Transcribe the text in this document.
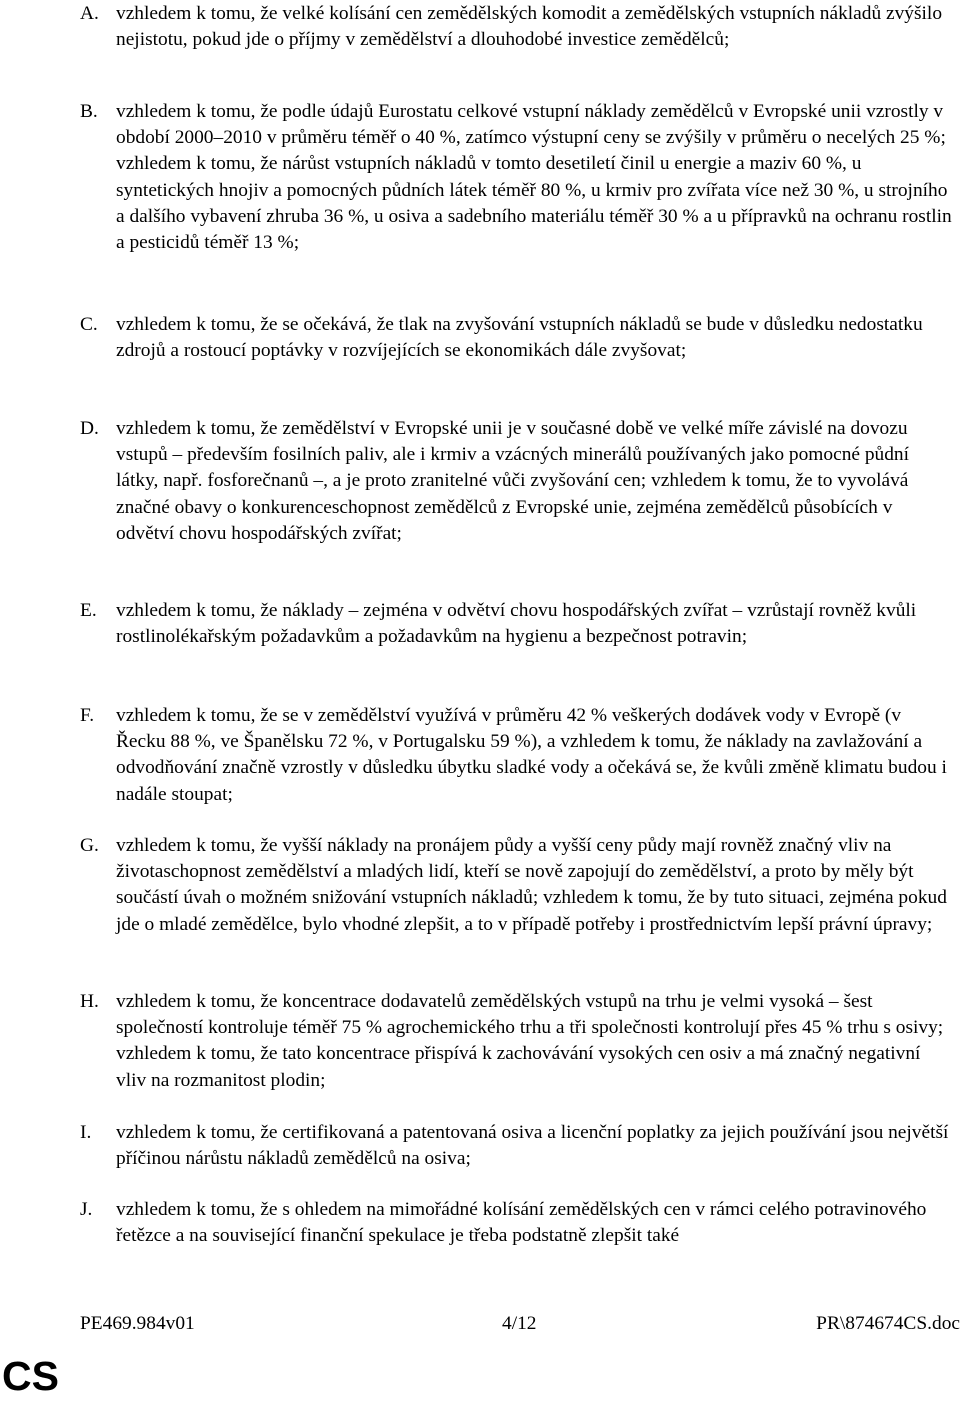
A. vzhledem k tomu, že velké kolísání cen zemědělských komodit a zemědělských vstupních nákladů zvýšilo nejistotu, pokud jde o příjmy v zemědělství a dlouhodobé investice zemědělců;
B. vzhledem k tomu, že podle údajů Eurostatu celkové vstupní náklady zemědělců v Evropské unii vzrostly v období 2000–2010 v průměru téměř o 40 %, zatímco výstupní ceny se zvýšily v průměru o necelých 25 %; vzhledem k tomu, že nárůst vstupních nákladů v tomto desetiletí činil u energie a maziv 60 %, u syntetických hnojiv a pomocných půdních látek téměř 80 %, u krmiv pro zvířata více než 30 %, u strojního a dalšího vybavení zhruba 36 %, u osiva a sadebního materiálu téměř 30 % a u přípravků na ochranu rostlin a pesticidů téměř 13 %;
C. vzhledem k tomu, že se očekává, že tlak na zvyšování vstupních nákladů se bude v důsledku nedostatku zdrojů a rostoucí poptávky v rozvíjejících se ekonomikách dále zvyšovat;
D. vzhledem k tomu, že zemědělství v Evropské unii je v současné době ve velké míře závislé na dovozu vstupů – především fosilních paliv, ale i krmiv a vzácných minerálů používaných jako pomocné půdní látky, např. fosforečnanů –, a je proto zranitelné vůči zvyšování cen; vzhledem k tomu, že to vyvolává značné obavy o konkurenceschopnost zemědělců z Evropské unie, zejména zemědělců působících v odvětví chovu hospodářských zvířat;
E. vzhledem k tomu, že náklady – zejména v odvětví chovu hospodářských zvířat – vzrůstají rovněž kvůli rostlinolékařským požadavkům a požadavkům na hygienu a bezpečnost potravin;
F. vzhledem k tomu, že se v zemědělství využívá v průměru 42 % veškerých dodávek vody v Evropě (v Řecku 88 %, ve Španělsku 72 %, v Portugalsku 59 %), a vzhledem k tomu, že náklady na zavlažování a odvodňování značně vzrostly v důsledku úbytku sladké vody a očekává se, že kvůli změně klimatu budou i nadále stoupat;
G. vzhledem k tomu, že vyšší náklady na pronájem půdy a vyšší ceny půdy mají rovněž značný vliv na životaschopnost zemědělství a mladých lidí, kteří se nově zapojují do zemědělství, a proto by měly být součástí úvah o možném snižování vstupních nákladů; vzhledem k tomu, že by tuto situaci, zejména pokud jde o mladé zemědělce, bylo vhodné zlepšit, a to v případě potřeby i prostřednictvím lepší právní úpravy;
H. vzhledem k tomu, že koncentrace dodavatelů zemědělských vstupů na trhu je velmi vysoká – šest společností kontroluje téměř 75 % agrochemického trhu a tři společnosti kontrolují přes 45 % trhu s osivy; vzhledem k tomu, že tato koncentrace přispívá k zachovávání vysokých cen osiv a má značný negativní vliv na rozmanitost plodin;
I. vzhledem k tomu, že certifikovaná a patentovaná osiva a licenční poplatky za jejich používání jsou největší příčinou nárůstu nákladů zemědělců na osiva;
J. vzhledem k tomu, že s ohledem na mimořádné kolísání zemědělských cen v rámci celého potravinového řetězce a na související finanční spekulace je třeba podstatně zlepšit také
PE469.984v01	4/12	PR\874674CS.doc
CS
